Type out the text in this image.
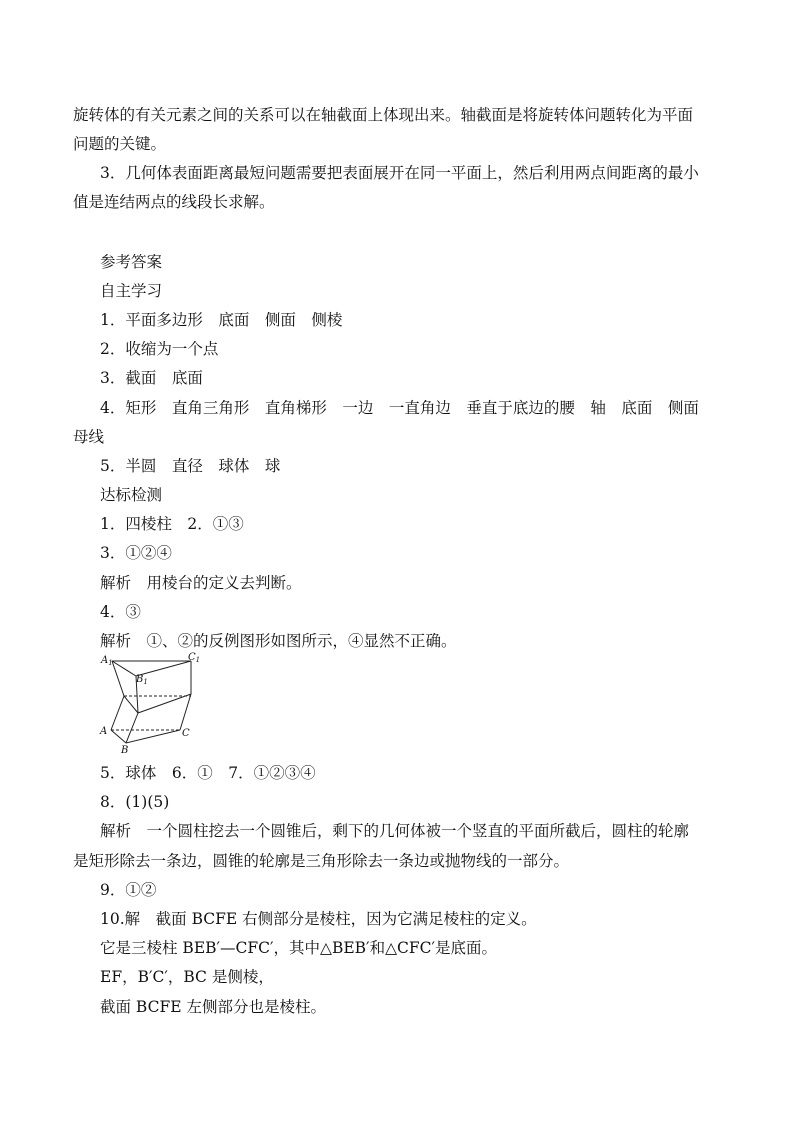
旋转体的有关元素之间的关系可以在轴截面上体现出来。轴截面是将旋转体问题转化为平面
问题的关键。
3．几何体表面距离最短问题需要把表面展开在同一平面上，然后利用两点间距离的最小
值是连结两点的线段长求解。
参考答案
自主学习
1．平面多边形　底面　侧面　侧棱
2．收缩为一个点
3．截面　底面
4．矩形　直角三角形　直角梯形　一边　一直角边　垂直于底边的腰　轴　底面　侧面
母线
5．半圆　直径　球体　球
达标检测
1．四棱柱　2．①③
3．①②④
解析　用棱台的定义去判断。
4．③
解析　①、②的反例图形如图所示，④显然不正确。
$A_1$
$B_1$
$C_1$
A
B
C
5．球体　6．①　7．①②③④
8．(1)(5)
解析　一个圆柱挖去一个圆锥后，剩下的几何体被一个竖直的平面所截后，圆柱的轮廓
是矩形除去一条边，圆锥的轮廓是三角形除去一条边或抛物线的一部分。
9．①②
10.解　截面 BCFE 右侧部分是棱柱，因为它满足棱柱的定义。
它是三棱柱 BEB′—CFC′，其中△BEB′和△CFC′是底面。
EF，B′C′，BC 是侧棱，
截面 BCFE 左侧部分也是棱柱。
